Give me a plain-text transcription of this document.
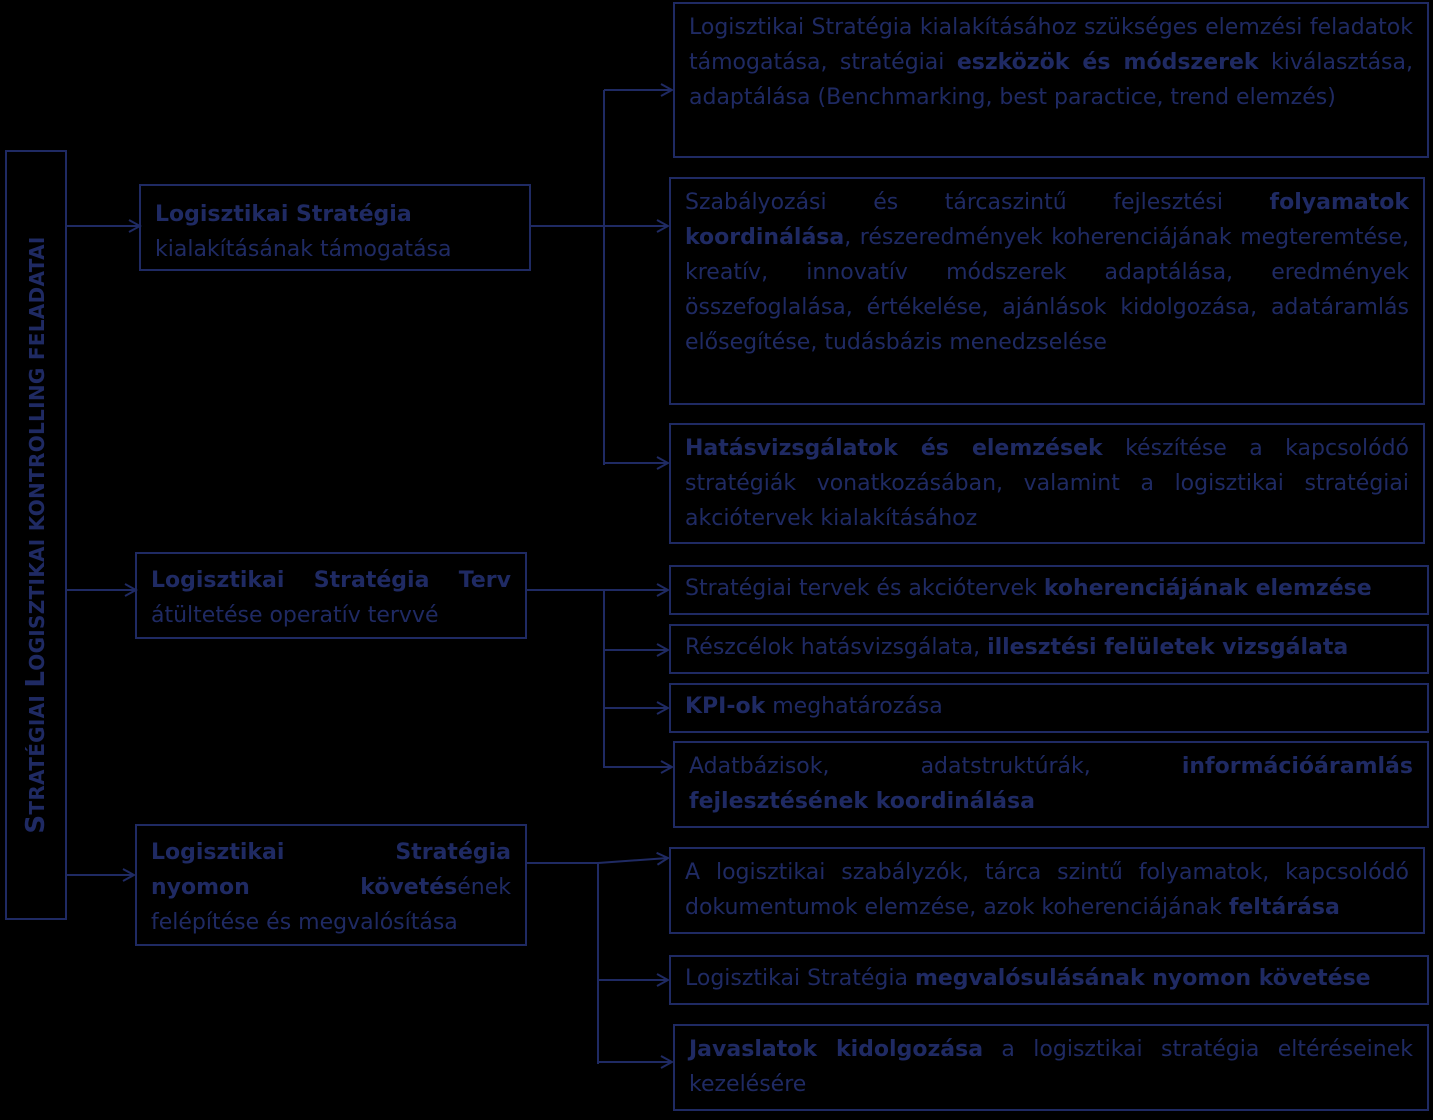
STRATÉGIAI LOGISZTIKAI KONTROLLING FELADATAI
Logisztikai Stratégia
kialakításának támogatása
Logisztikai Stratégia Terv
átültetése operatív tervvé
Logisztikai Stratégia nyomon követésének felépítése és megvalósítása
Logisztikai Stratégia kialakításához szükséges elemzési feladatok támogatása, stratégiai eszközök és módszerek kiválasztása, adaptálása (Benchmarking, best paractice, trend elemzés)
Szabályozási és tárcaszintű fejlesztési folyamatok koordinálása, részeredmények koherenciájának megteremtése, kreatív, innovatív módszerek adaptálása, eredmények összefoglalása, értékelése, ajánlások kidolgozása, adatáramlás elősegítése, tudásbázis menedzselése
Hatásvizsgálatok és elemzések készítése a kapcsolódó stratégiák vonatkozásában, valamint a logisztikai stratégiai akciótervek kialakításához
Stratégiai tervek és akciótervek koherenciájának elemzése
Részcélok hatásvizsgálata, illesztési felületek vizsgálata
KPI-ok meghatározása
Adatbázisok, adatstruktúrák, információáramlás fejlesztésének koordinálása
A logisztikai szabályzók, tárca szintű folyamatok, kapcsolódó dokumentumok elemzése, azok koherenciájának feltárása
Logisztikai Stratégia megvalósulásának nyomon követése
Javaslatok kidolgozása a logisztikai stratégia eltéréseinek kezelésére
